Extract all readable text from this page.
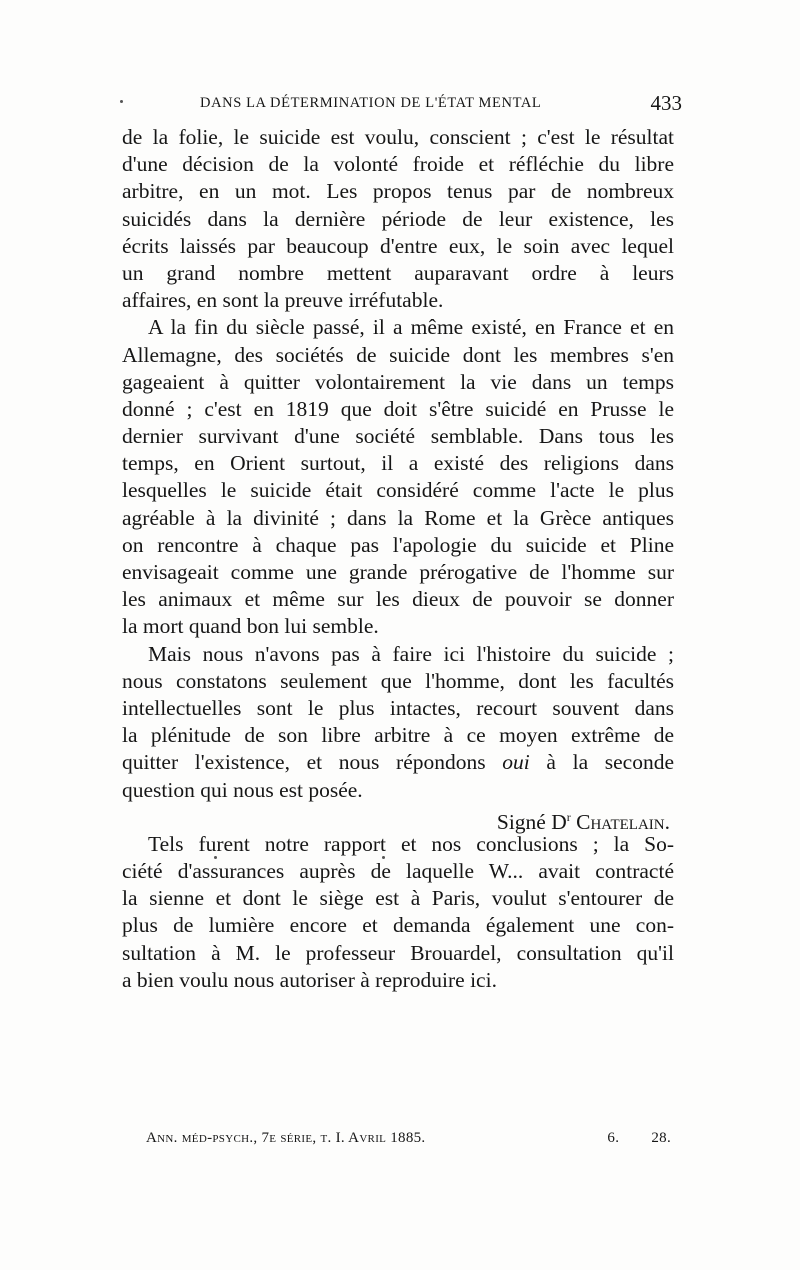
DANS LA DÉTERMINATION DE L'ÉTAT MENTAL	433
de la folie, le suicide est voulu, conscient ; c'est le résultat
d'une décision de la volonté froide et réfléchie du libre
arbitre, en un mot. Les propos tenus par de nombreux
suicidés dans la dernière période de leur existence, les
écrits laissés par beaucoup d'entre eux, le soin avec lequel
un grand nombre mettent auparavant ordre à leurs
affaires, en sont la preuve irréfutable.
A la fin du siècle passé, il a même existé, en France et en
Allemagne, des sociétés de suicide dont les membres s'en
gageaient à quitter volontairement la vie dans un temps
donné ; c'est en 1819 que doit s'être suicidé en Prusse le
dernier survivant d'une société semblable. Dans tous les
temps, en Orient surtout, il a existé des religions dans
lesquelles le suicide était considéré comme l'acte le plus
agréable à la divinité ; dans la Rome et la Grèce antiques
on rencontre à chaque pas l'apologie du suicide et Pline
envisageait comme une grande prérogative de l'homme sur
les animaux et même sur les dieux de pouvoir se donner
la mort quand bon lui semble.
Mais nous n'avons pas à faire ici l'histoire du suicide ;
nous constatons seulement que l'homme, dont les facultés
intellectuelles sont le plus intactes, recourt souvent dans
la plénitude de son libre arbitre à ce moyen extrême de
quitter l'existence, et nous répondons oui à la seconde
question qui nous est posée.
Signé $D^r$ Chatelain.
Tels furent notre rapport et nos conclusions ; la So-
ciété d'assurances auprès de laquelle W... avait contracté
la sienne et dont le siège est à Paris, voulut s'entourer de
plus de lumière encore et demanda également une con-
sultation à M. le professeur Brouardel, consultation qu'il
a bien voulu nous autoriser à reproduire ici.
Ann. méd-psych., 7e série, t. I. Avril 1885.	6. 28.
